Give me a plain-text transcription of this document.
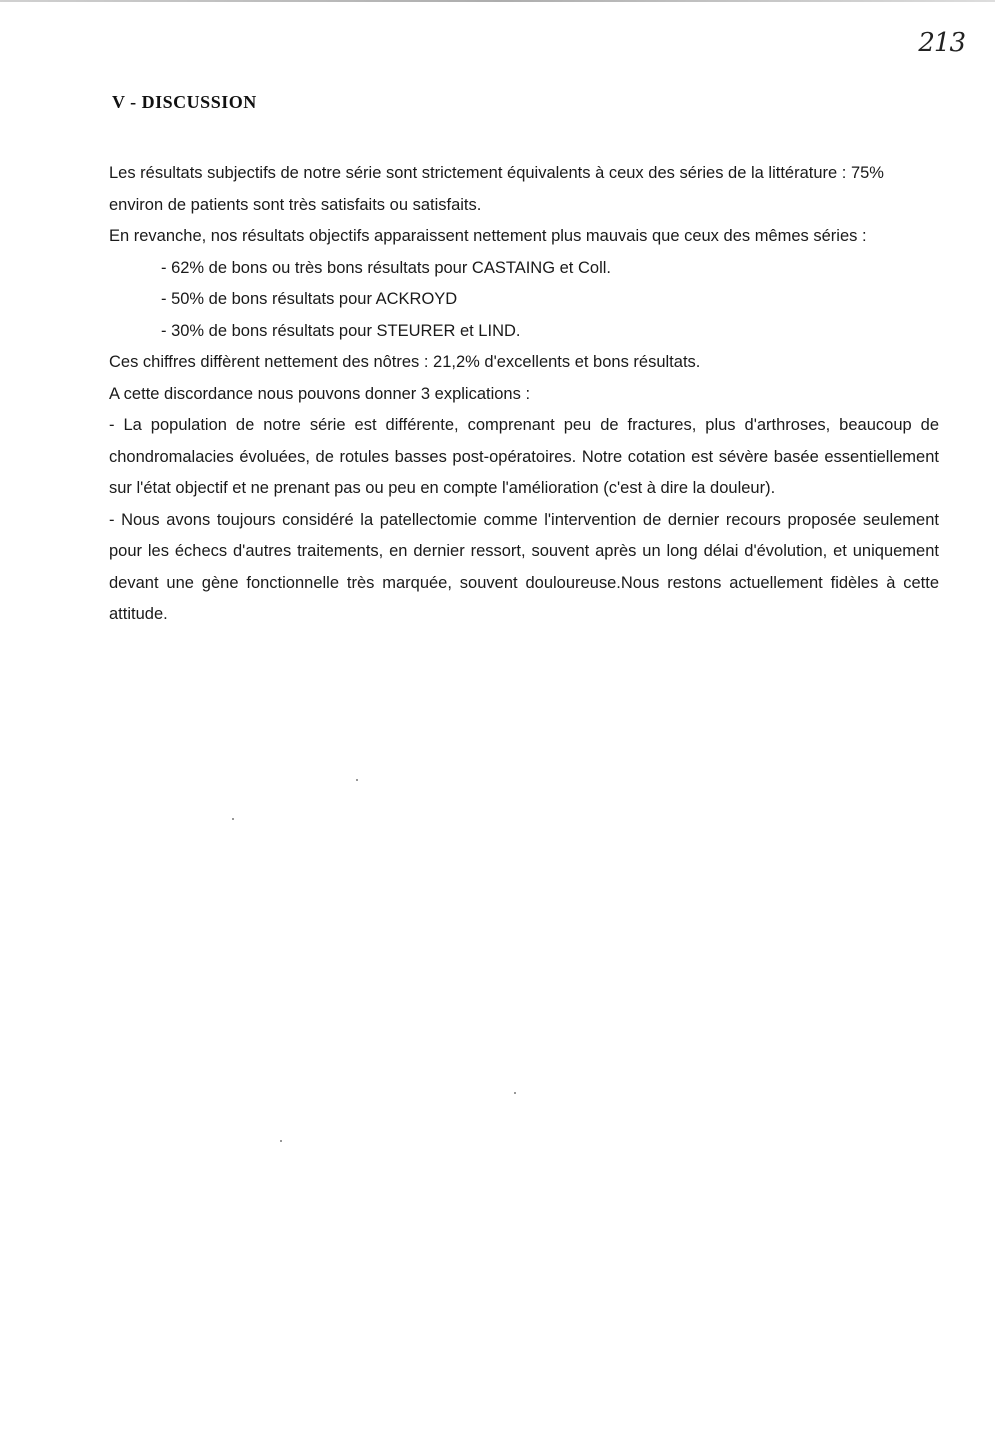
213
V - DISCUSSION

Les résultats subjectifs de notre série sont strictement équivalents à ceux des séries de la littérature : 75% environ de patients sont très satisfaits ou satisfaits.

En revanche, nos résultats objectifs apparaissent nettement plus mauvais que ceux des mêmes séries :

- 62% de bons ou très bons résultats pour CASTAING et Coll.

- 50% de bons résultats pour ACKROYD

- 30% de bons résultats pour STEURER et LIND.

Ces chiffres diffèrent nettement des nôtres : 21,2% d'excellents et bons résultats.

A cette discordance nous pouvons donner 3 explications :

- La population de notre série est différente, comprenant peu de fractures, plus d'arthroses, beaucoup de chondromalacies évoluées, de rotules basses post-opératoires. Notre cotation est sévère basée essentiellement sur l'état objectif et ne prenant pas ou peu en compte l'amélioration (c'est à dire la douleur).

- Nous avons toujours considéré la patellectomie comme l'intervention de dernier recours proposée seulement pour les échecs d'autres traitements, en dernier ressort, souvent après un long délai d'évolution, et uniquement devant une gène fonctionnelle très marquée, souvent douloureuse.Nous restons actuellement fidèles à cette attitude.
